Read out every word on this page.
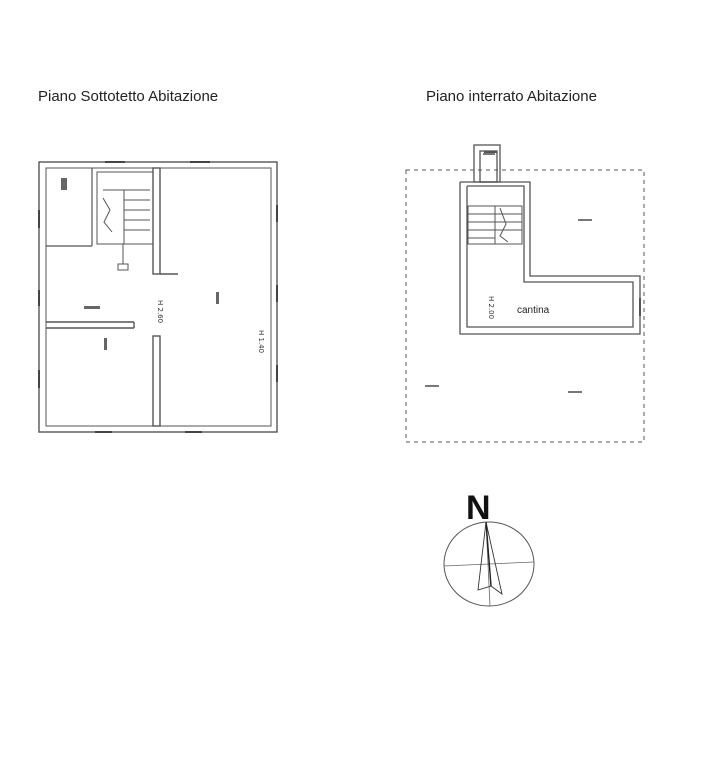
Piano Sottotetto Abitazione	Piano interrato Abitazione
H 2.60
H 1.40
cantina
H 2.00
N
